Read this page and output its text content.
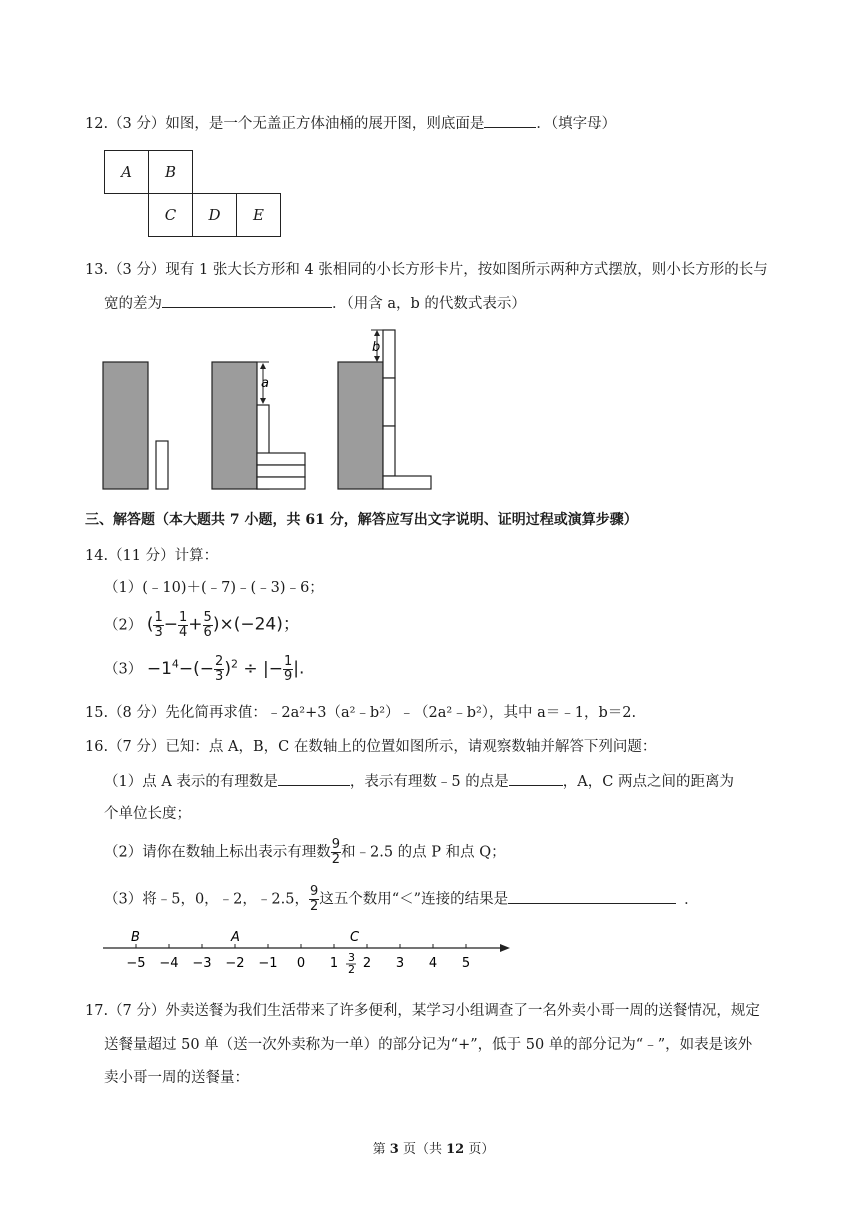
12.（3 分）如图，是一个无盖正方体油桶的展开图，则底面是	．（填字母）
A B
C D E
13.（3 分）现有 1 张大长方形和 4 张相同的小长方形卡片，按如图所示两种方式摆放，则小长方形的长与
宽的差为	．（用含 a，b 的代数式表示）
a
b
三、解答题（本大题共 7 小题，共 61 分，解答应写出文字说明、证明过程或演算步骤）
14.（11 分）计算：
（1）(﹣10)＋(﹣7)﹣(﹣3)﹣6；
（2） ( $\frac{1}{3} - \frac{1}{4} + \frac{5}{6} )\times(-24)$；
$(3) -1^4-(- \frac{2}{3} )^2$ ÷ |− $\frac{1}{9}$ |.
15.（8 分）先化简再求值：﹣2a²+3（a²﹣b²）﹣（2a²﹣b²），其中 a＝﹣1，b＝2.
16.（7 分）已知：点 A，B，C 在数轴上的位置如图所示，请观察数轴并解答下列问题：
（1）点 A 表示的有理数是	，表示有理数﹣5 的点是	，A，C 两点之间的距离为
个单位长度；
（2）请你在数轴上标出表示有理数 $\frac{9}{2}$ 和﹣2.5 的点 P 和点 Q；
（3）将﹣5，0，﹣2，﹣2.5， $\frac{9}{2}$ 这五个数用“＜”连接的结果是	．
−5 −4 −3 −2 −1 0 1 2 3 4 5
B	A	C
3
2
17.（7 分）外卖送餐为我们生活带来了许多便利，某学习小组调查了一名外卖小哥一周的送餐情况，规定
送餐量超过 50 单（送一次外卖称为一单）的部分记为“+”，低于 50 单的部分记为“﹣”，如表是该外
卖小哥一周的送餐量：
第 3 页（共 12 页）
